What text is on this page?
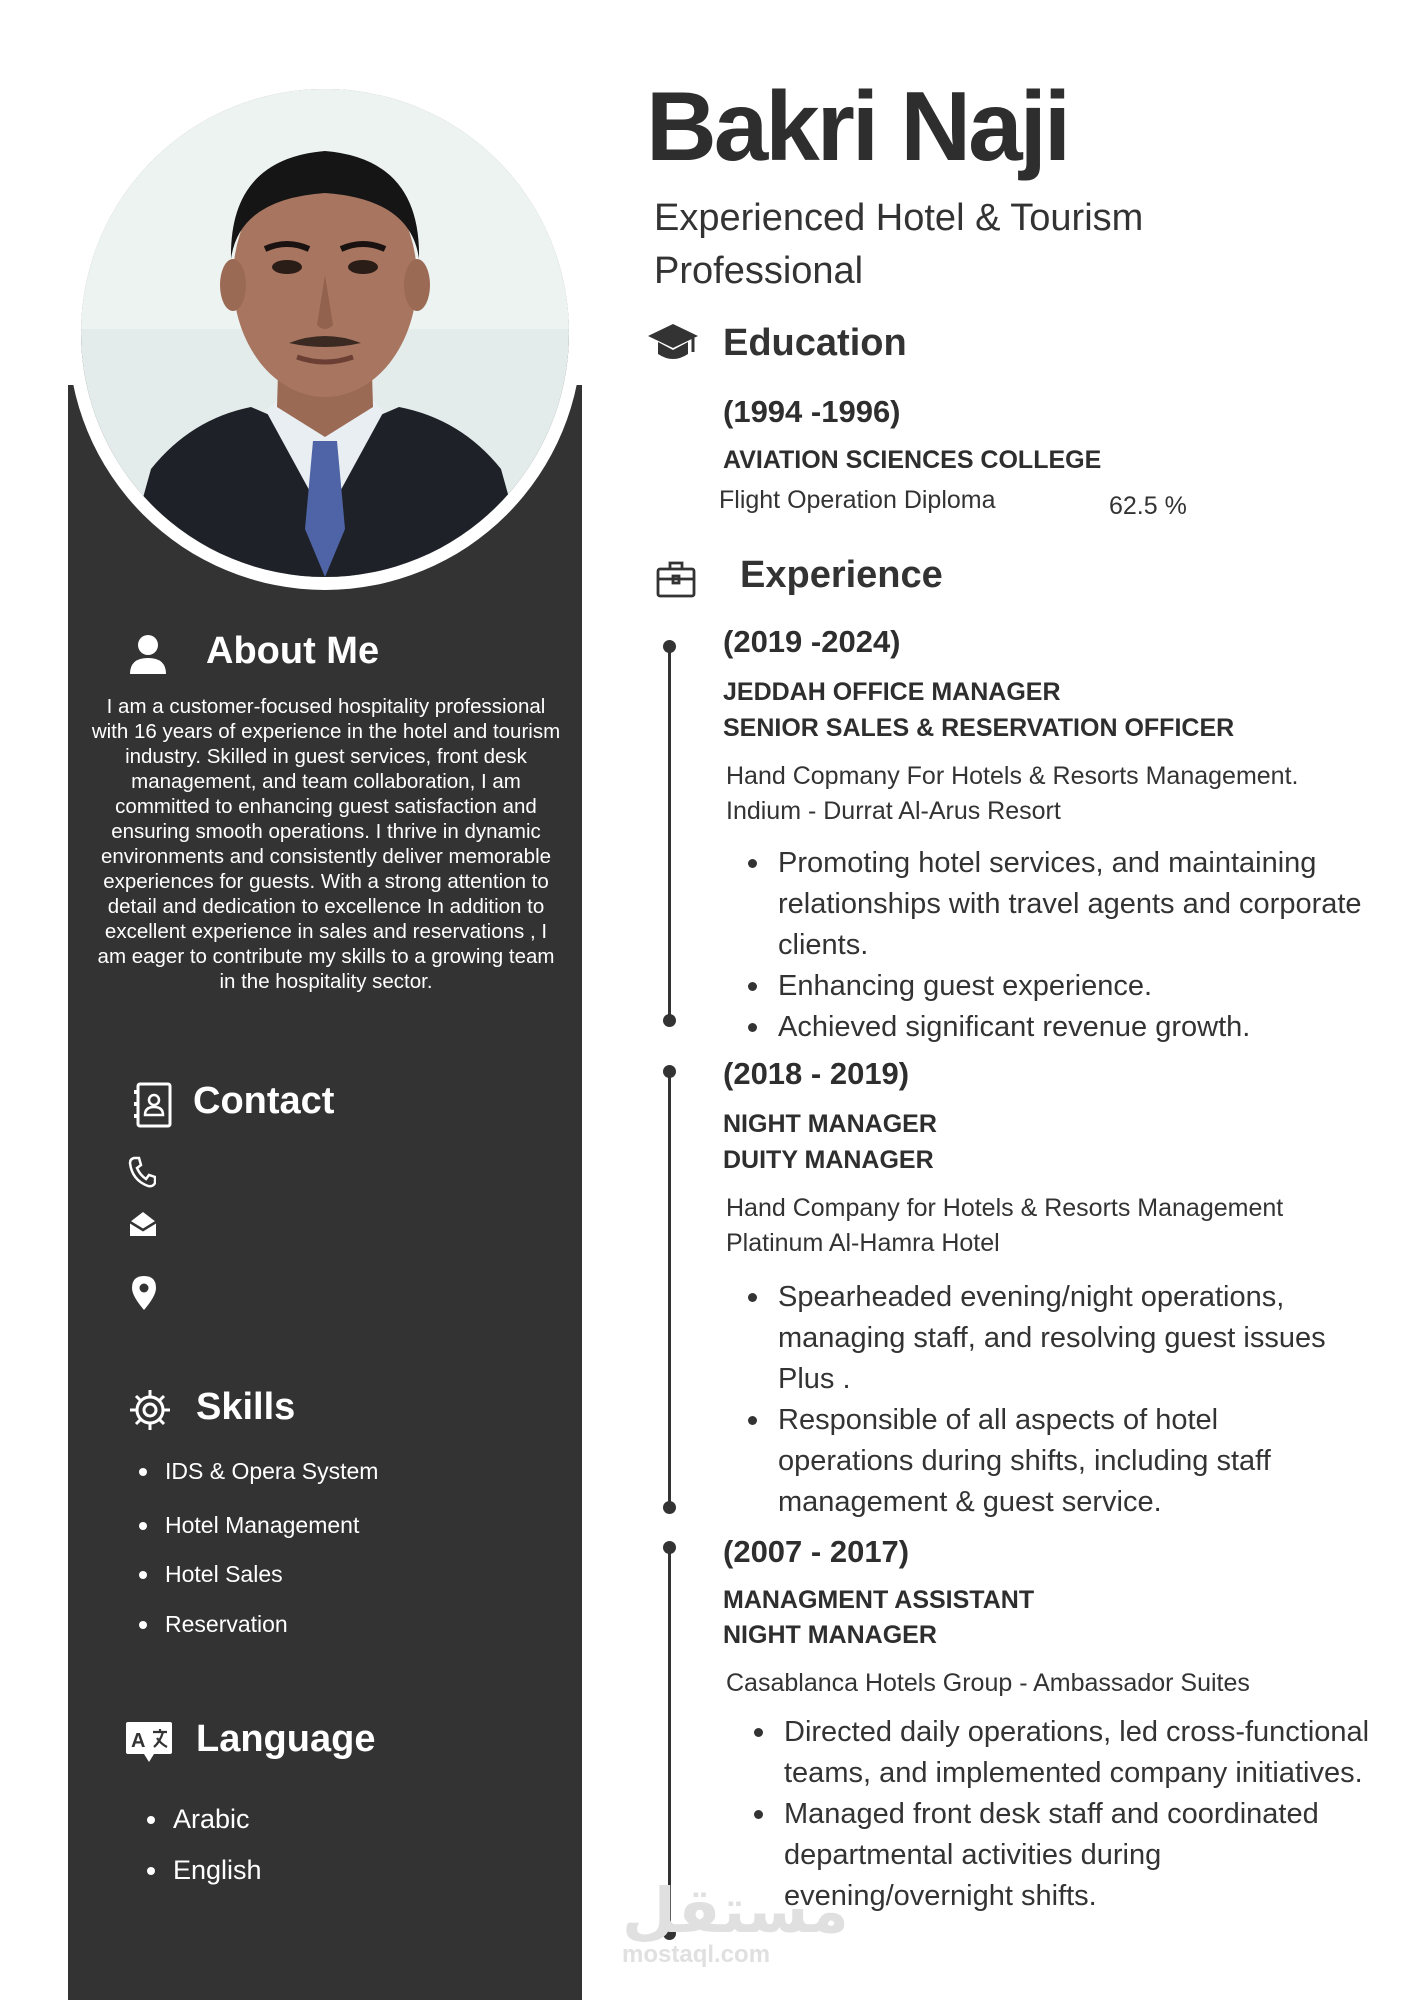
About Me
I am a customer-focused hospitality professional with 16 years of experience in the hotel and tourism industry. Skilled in guest services, front desk management, and team collaboration, I am committed to enhancing guest satisfaction and ensuring smooth operations. I thrive in dynamic environments and consistently deliver memorable experiences for guests. With a strong attention to detail and dedication to excellence In addition to excellent experience in sales and reservations , I am eager to contribute my skills to a growing team in the hospitality sector.
Contact
Skills
IDS & Opera System
Hotel Management
Hotel Sales
Reservation
A Language
Arabic
English
Bakri Naji
Experienced Hotel & Tourism Professional
Education
(1994 -1996)
AVIATION SCIENCES COLLEGE
Flight Operation Diploma	62.5 %
Experience
(2019 -2024)
JEDDAH OFFICE MANAGER
SENIOR SALES & RESERVATION OFFICER
Hand Copmany For Hotels & Resorts Management.
Indium - Durrat Al-Arus Resort
Promoting hotel services, and maintaining relationships with travel agents and corporate clients.
Enhancing guest experience.
Achieved significant revenue growth.
(2018 - 2019)
NIGHT MANAGER
DUITY MANAGER
Hand Company for Hotels & Resorts Management
Platinum Al-Hamra Hotel
Spearheaded evening/night operations, managing staff, and resolving guest issues Plus .
Responsible of all aspects of hotel operations during shifts, including staff management & guest service.
(2007 - 2017)
MANAGMENT ASSISTANT
NIGHT MANAGER
Casablanca Hotels Group - Ambassador Suites
Directed daily operations, led cross-functional teams, and implemented company initiatives.
Managed front desk staff and coordinated departmental activities during evening/overnight shifts.
مستقل
mostaql.com
